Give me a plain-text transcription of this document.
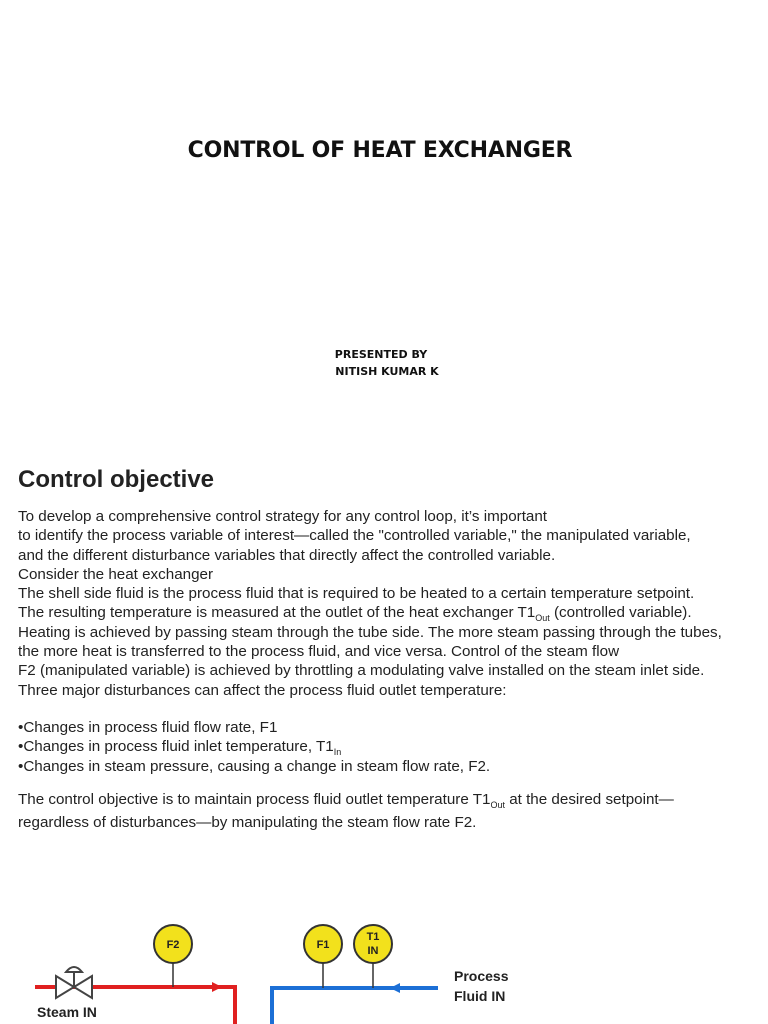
CONTROL OF HEAT EXCHANGER
PRESENTED BY
NITISH KUMAR K
Control objective

To develop a comprehensive control strategy for any control loop, it’s important

to identify the process variable of interest—called the "controlled variable," the manipulated variable,

and the different disturbance variables that directly affect the controlled variable.

Consider the heat exchanger

The shell side fluid is the process fluid that is required to be heated to a certain temperature setpoint.

The resulting temperature is measured at the outlet of the heat exchanger $T1_{Out}$ (controlled variable).

Heating is achieved by passing steam through the tube side. The more steam passing through the tubes,

the more heat is transferred to the process fluid, and vice versa. Control of the steam flow

F2 (manipulated variable) is achieved by throttling a modulating valve installed on the steam inlet side.

Three major disturbances can affect the process fluid outlet temperature:

•Changes in process fluid flow rate, F1

•Changes in process fluid inlet temperature, $T1_{In}$

•Changes in steam pressure, causing a change in steam flow rate, F2.

The control objective is to maintain process fluid outlet temperature $T1_{Out}$ at the desired setpoint—

regardless of disturbances—by manipulating the steam flow rate F2.

F2	F1
T1
IN
Steam IN
Process
Fluid IN
